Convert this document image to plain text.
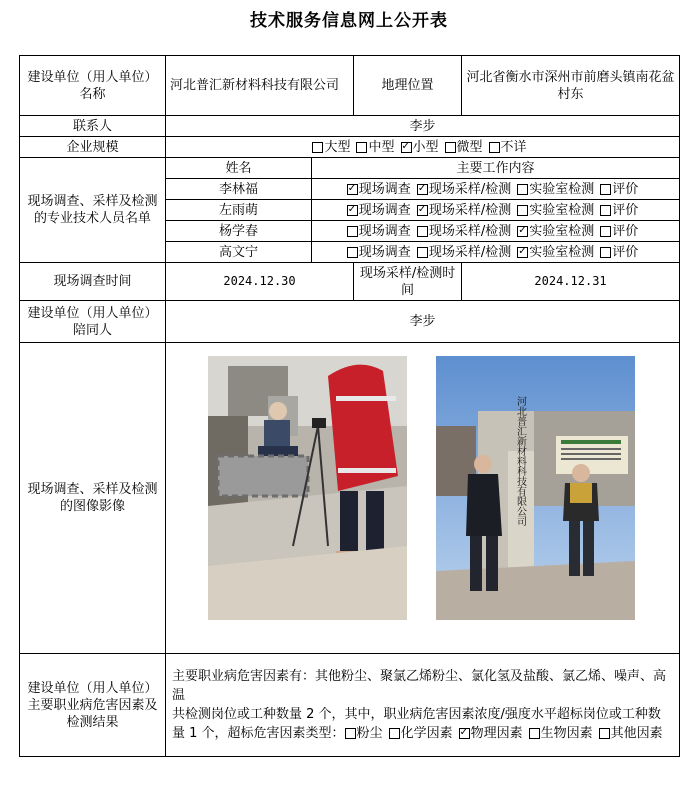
技术服务信息网上公开表
建设单位（用人单位）名称	河北普汇新材料科技有限公司		地理位置	河北省衡水市深州市前磨头镇南花盆村东
联系人	李步			
企业规模	大型 中型 ✓ 小型 微型 不详
现场调查、采样及检测的专业技术人员名单	姓名	主要工作内容		
	李林福	✓现场调查 ✓ 现场采样/检测 实验室检测 评价
	左雨萌	✓现场调查 ✓ 现场采样/检测 实验室检测 评价
	杨学春	现场调查 现场采样/检测 ✓ 实验室检测 评价
	高文宁	现场调查 现场采样/检测 ✓ 实验室检测 评价
现场调查时间	2024.12.30		现场采样/检测时间	2024.12.31
建设单位（用人单位）陪同人	李步			
现场调查、采样及检测的图像影像	河北普汇新材料科技有限公司			

建设单位（用人单位）主要职业病危害因素及检测结果	主要职业病危害因素有：其他粉尘、聚氯乙烯粉尘、氯化氢及盐酸、氯乙烯、噪声、高温
共检测岗位或工种数量 2 个，其中，职业病危害因素浓度/强度水平超标岗位或工种数量 1 个，超标危害因素类型： 粉尘 化学因素 ✓ 物理因素 生物因素 其他因素
